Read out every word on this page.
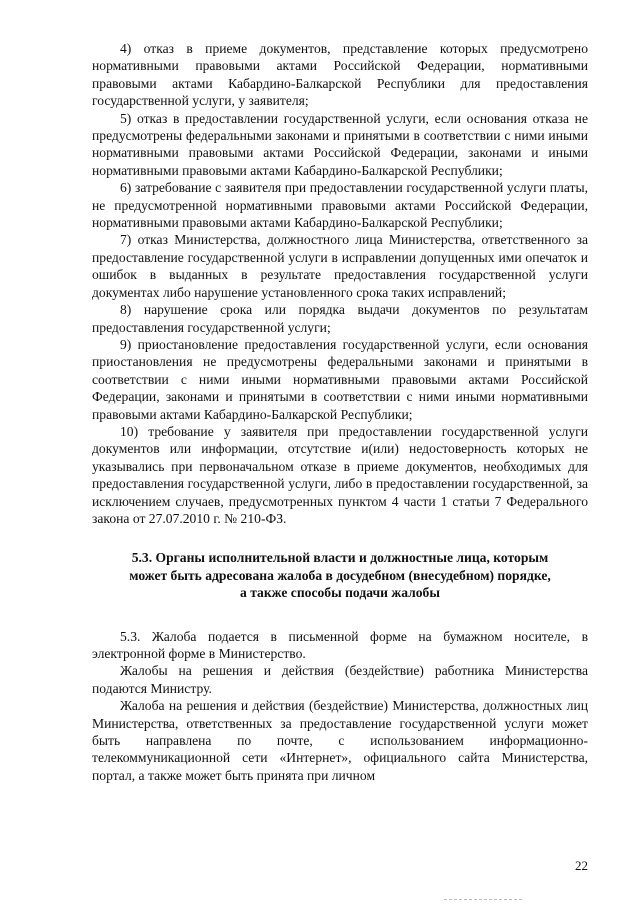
4) отказ в приеме документов, представление которых предусмотрено нормативными правовыми актами Российской Федерации, нормативными правовыми актами Кабардино-Балкарской Республики для предоставления государственной услуги, у заявителя;

5) отказ в предоставлении государственной услуги, если основания отказа не предусмотрены федеральными законами и принятыми в соответствии с ними иными нормативными правовыми актами Российской Федерации, законами и иными нормативными правовыми актами Кабардино-Балкарской Республики;

6) затребование с заявителя при предоставлении государственной услуги платы, не предусмотренной нормативными правовыми актами Российской Федерации, нормативными правовыми актами Кабардино-Балкарской Республики;

7) отказ Министерства, должностного лица Министерства, ответственного за предоставление государственной услуги в исправлении допущенных ими опечаток и ошибок в выданных в результате предоставления государственной услуги документах либо нарушение установленного срока таких исправлений;

8) нарушение срока или порядка выдачи документов по результатам предоставления государственной услуги;

9) приостановление предоставления государственной услуги, если основания приостановления не предусмотрены федеральными законами и принятыми в соответствии с ними иными нормативными правовыми актами Российской Федерации, законами и принятыми в соответствии с ними иными нормативными правовыми актами Кабардино-Балкарской Республики;

10) требование у заявителя при предоставлении государственной услуги документов или информации, отсутствие и(или) недостоверность которых не указывались при первоначальном отказе в приеме документов, необходимых для предоставления государственной услуги, либо в предоставлении государственной, за исключением случаев, предусмотренных пунктом 4 части 1 статьи 7 Федерального закона от 27.07.2010 г. № 210-ФЗ.

5.3. Органы исполнительной власти и должностные лица, которым
может быть адресована жалоба в досудебном (внесудебном) порядке,
а также способы подачи жалобы

5.3. Жалоба подается в письменной форме на бумажном носителе, в электронной форме в Министерство.

Жалобы на решения и действия (бездействие) работника Министерства подаются Министру.

Жалоба на решения и действия (бездействие) Министерства, должностных лиц Министерства, ответственных за предоставление государственной услуги может быть направлена по почте, с использованием информационно-телекоммуникационной сети «Интернет», официального сайта Министерства, портал, а также может быть принята при личном

22
